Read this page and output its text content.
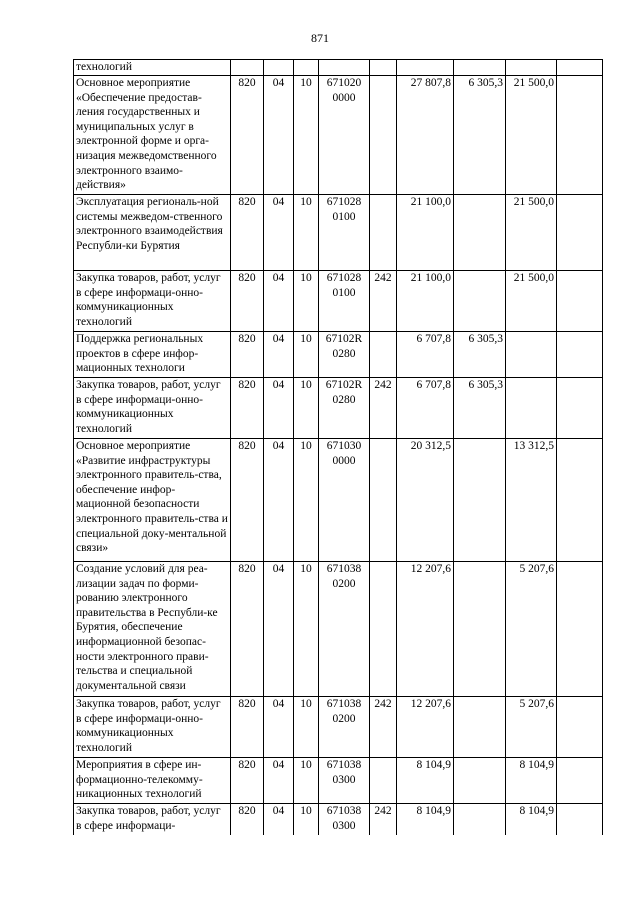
871
технологий									
Основное мероприятие «Обеспечение предостав-ления государственных и муниципальных услуг в электронной форме и орга-низация межведомственного электронного взаимо-действия»	820	04	10	671020 0000		27 807,8	6 305,3	21 500,0	
Эксплуатация региональ-ной системы межведом-ственного электронного взаимодействия Республи-ки Бурятия	820	04	10	671028 0100		21 100,0		21 500,0	
Закупка товаров, работ, услуг в сфере информаци-онно-коммуникационных технологий	820	04	10	671028 0100	242	21 100,0		21 500,0	
Поддержка региональных проектов в сфере инфор-мационных технологи	820	04	10	67102R 0280		6 707,8	6 305,3		
Закупка товаров, работ, услуг в сфере информаци-онно-коммуникационных технологий	820	04	10	67102R 0280	242	6 707,8	6 305,3		
Основное мероприятие «Развитие инфраструктуры электронного правитель-ства, обеспечение инфор-мационной безопасности электронного правитель-ства и специальной доку-ментальной связи»	820	04	10	671030 0000		20 312,5		13 312,5	
Создание условий для реа-лизации задач по форми-рованию электронного правительства в Республи-ке Бурятия, обеспечение информационной безопас-ности электронного прави-тельства и специальной документальной связи	820	04	10	671038 0200		12 207,6		5 207,6	
Закупка товаров, работ, услуг в сфере информаци-онно-коммуникационных технологий	820	04	10	671038 0200	242	12 207,6		5 207,6	
Мероприятия в сфере ин-формационно-телекомму-никационных технологий	820	04	10	671038 0300		8 104,9		8 104,9	
Закупка товаров, работ, услуг в сфере информаци-	820	04	10	671038 0300	242	8 104,9		8 104,9	
